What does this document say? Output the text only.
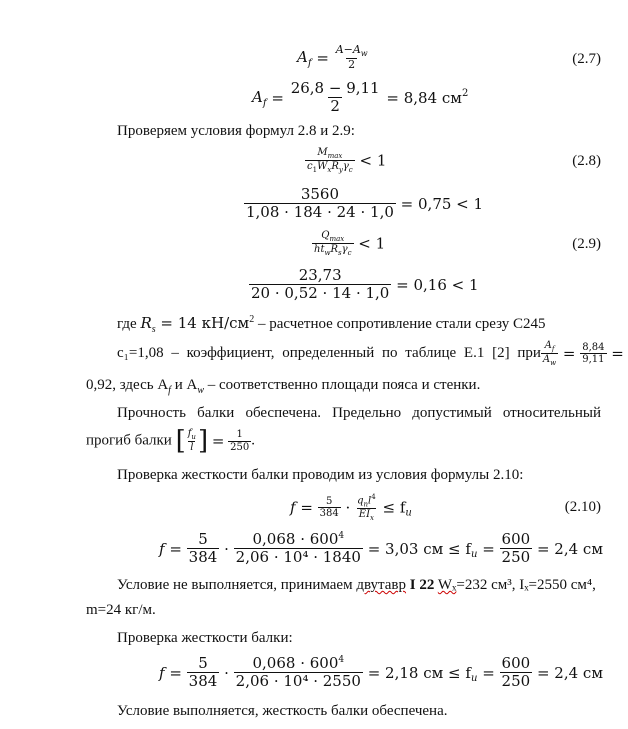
$A_f = \frac{A-A_w}{2}$	(2.7)
$A_f = \frac{26,8 - 9,11}{2} = 8,84$ $см^2$
Проверяем условия формул 2.8 и 2.9:
$\frac{M_{max}}{c_1W_xR_y\gamma_c} < 1$	(2.8)
$\frac{3560}{1,08 \cdot 184 \cdot 24 \cdot 1,0} = 0,75 < 1$
$\frac{Q_{max}}{ht_wR_s\gamma_c} < 1$	(2.9)
$\frac{23,73}{20 \cdot 0,52 \cdot 14 \cdot 1,0} = 0,16 < 1$
где $R_s = 14$ $кН/см^2$ – расчетное сопротивление стали срезу С245
c₁=1,08 – коэффициент, определенный по таблице Е.1 [2] при $\frac{A_f}{A_w} = \frac{8,84}{9,11}$ =
0,92, здесь $A_f$ и $A_w$ – соответственно площади пояса и стенки.
Прочность балки обеспечена. Предельно допустимый относительный
прогиб балки [ $\frac{f_u}{l}$ ] = $\frac{1}{250}$ .
Проверка жесткости балки проводим из условия формулы 2.10:
$f = \frac{5}{384} \cdot \frac{q_nl^4}{EI_x} \le f_u$	(2.10)
$f = \frac{5}{384} \cdot \frac{0,068 \cdot 600^4}{\text{2,06 · 10⁴ · 1840}} = 3,03$ см ≤ $f_u = \frac{600}{250} = 2,4$ см
Условие не выполняется, принимаем двутавр I 22 Wₓ=232 см³, Iₓ=2550 см⁴,
m=24 кг/м.
Проверка жесткости балки:
$f = \frac{5}{384} \cdot \frac{0,068 \cdot 600^4}{\text{2,06 · 10⁴ · 2550}} = 2,18$ см ≤ $f_u = \frac{600}{250} = 2,4$ см
Условие выполняется, жесткость балки обеспечена.
